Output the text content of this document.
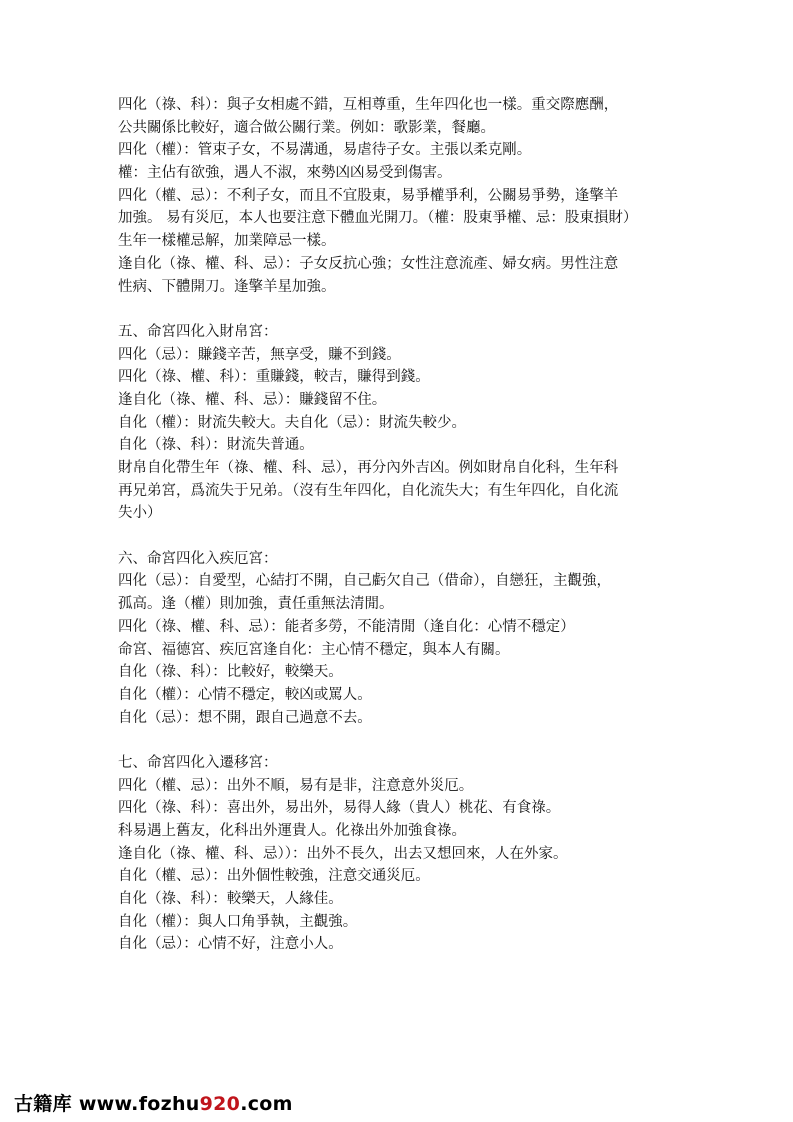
四化（祿、科）：與子女相處不錯，互相尊重，生年四化也一樣。重交際應酬，
公共關係比較好，適合做公關行業。例如：歌影業，餐廳。
四化（權）：管束子女，不易溝通，易虐待子女。主張以柔克剛。
權：主佔有欲強，遇人不淑，來勢凶凶易受到傷害。
四化（權、忌）：不利子女，而且不宜股東，易爭權爭利，公關易爭勢，逢擎羊
加強。 易有災厄，本人也要注意下體血光開刀。（權：股東爭權、忌：股東損財）
生年一樣權忌解，加業障忌一樣。
逢自化（祿、權、科、忌）：子女反抗心強；女性注意流產、婦女病。男性注意
性病、下體開刀。逢擎羊星加強。
五、命宮四化入財帛宮：
四化（忌）：賺錢辛苦，無享受，賺不到錢。
四化（祿、權、科）：重賺錢，較吉，賺得到錢。
逢自化（祿、權、科、忌）：賺錢留不住。
自化（權）：財流失較大。夫自化（忌）：財流失較少。
自化（祿、科）：財流失普通。
財帛自化帶生年（祿、權、科、忌），再分內外吉凶。例如財帛自化科，生年科
再兄弟宮，爲流失于兄弟。（沒有生年四化，自化流失大；有生年四化，自化流
失小）
六、命宮四化入疾厄宮：
四化（忌）：自愛型，心結打不開，自己虧欠自己（借命），自戀狂，主觀強，
孤高。逢（權）則加強，責任重無法清閒。
四化（祿、權、科、忌）：能者多勞，不能清閒（逢自化：心情不穩定）
命宮、福德宮、疾厄宮逢自化：主心情不穩定，與本人有關。
自化（祿、科）：比較好，較樂天。
自化（權）：心情不穩定，較凶或罵人。
自化（忌）：想不開，跟自己過意不去。
七、命宮四化入遷移宮：
四化（權、忌）：出外不順，易有是非，注意意外災厄。
四化（祿、科）：喜出外，易出外，易得人緣（貴人）桃花、有食祿。
科易遇上舊友，化科出外運貴人。化祿出外加強食祿。
逢自化（祿、權、科、忌））：出外不長久，出去又想回來，人在外家。
自化（權、忌）：出外個性較強，注意交通災厄。
自化（祿、科）：較樂天，人緣佳。
自化（權）：與人口角爭執，主觀強。
自化（忌）：心情不好，注意小人。
古籍库 www.fozhu920.com
